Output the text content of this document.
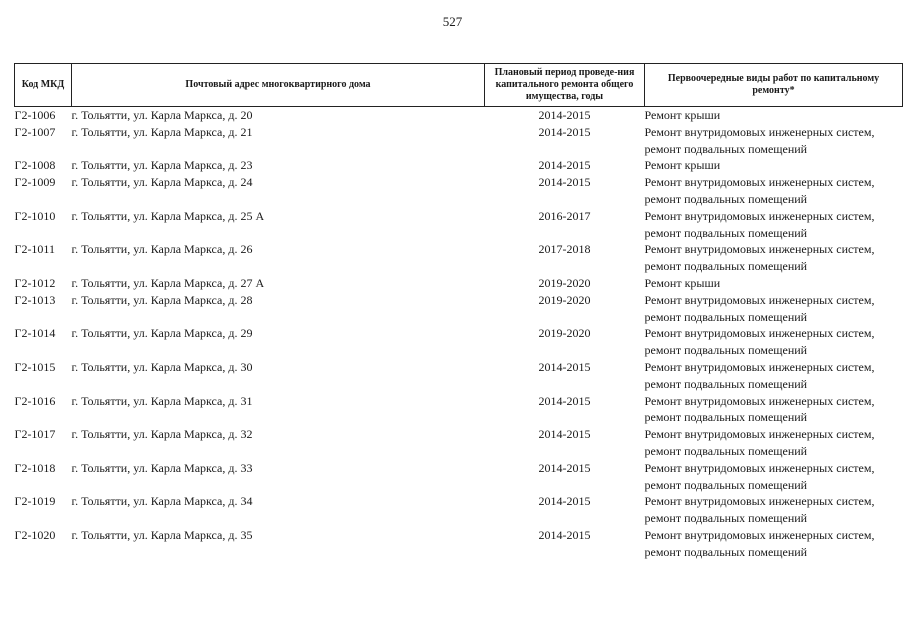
527
Код МКД	Почтовый адрес многоквартирного дома	Плановый период проведе-ния капитального ремонта общего имущества, годы	Первоочередные виды работ по капитальному ремонту*
Г2-1006	г. Тольятти, ул. Карла Маркса, д. 20	2014-2015	Ремонт крыши

Г2-1007	г. Тольятти, ул. Карла Маркса, д. 21	2014-2015	Ремонт внутридомовых инженерных систем,
ремонт подвальных помещений

Г2-1008	г. Тольятти, ул. Карла Маркса, д. 23	2014-2015	Ремонт крыши

Г2-1009	г. Тольятти, ул. Карла Маркса, д. 24	2014-2015	Ремонт внутридомовых инженерных систем,
ремонт подвальных помещений

Г2-1010	г. Тольятти, ул. Карла Маркса, д. 25 А	2016-2017	Ремонт внутридомовых инженерных систем,
ремонт подвальных помещений

Г2-1011	г. Тольятти, ул. Карла Маркса, д. 26	2017-2018	Ремонт внутридомовых инженерных систем,
ремонт подвальных помещений

Г2-1012	г. Тольятти, ул. Карла Маркса, д. 27 А	2019-2020	Ремонт крыши

Г2-1013	г. Тольятти, ул. Карла Маркса, д. 28	2019-2020	Ремонт внутридомовых инженерных систем,
ремонт подвальных помещений

Г2-1014	г. Тольятти, ул. Карла Маркса, д. 29	2019-2020	Ремонт внутридомовых инженерных систем,
ремонт подвальных помещений

Г2-1015	г. Тольятти, ул. Карла Маркса, д. 30	2014-2015	Ремонт внутридомовых инженерных систем,
ремонт подвальных помещений

Г2-1016	г. Тольятти, ул. Карла Маркса, д. 31	2014-2015	Ремонт внутридомовых инженерных систем,
ремонт подвальных помещений

Г2-1017	г. Тольятти, ул. Карла Маркса, д. 32	2014-2015	Ремонт внутридомовых инженерных систем,
ремонт подвальных помещений

Г2-1018	г. Тольятти, ул. Карла Маркса, д. 33	2014-2015	Ремонт внутридомовых инженерных систем,
ремонт подвальных помещений

Г2-1019	г. Тольятти, ул. Карла Маркса, д. 34	2014-2015	Ремонт внутридомовых инженерных систем,
ремонт подвальных помещений

Г2-1020	г. Тольятти, ул. Карла Маркса, д. 35	2014-2015	Ремонт внутридомовых инженерных систем,
ремонт подвальных помещений
